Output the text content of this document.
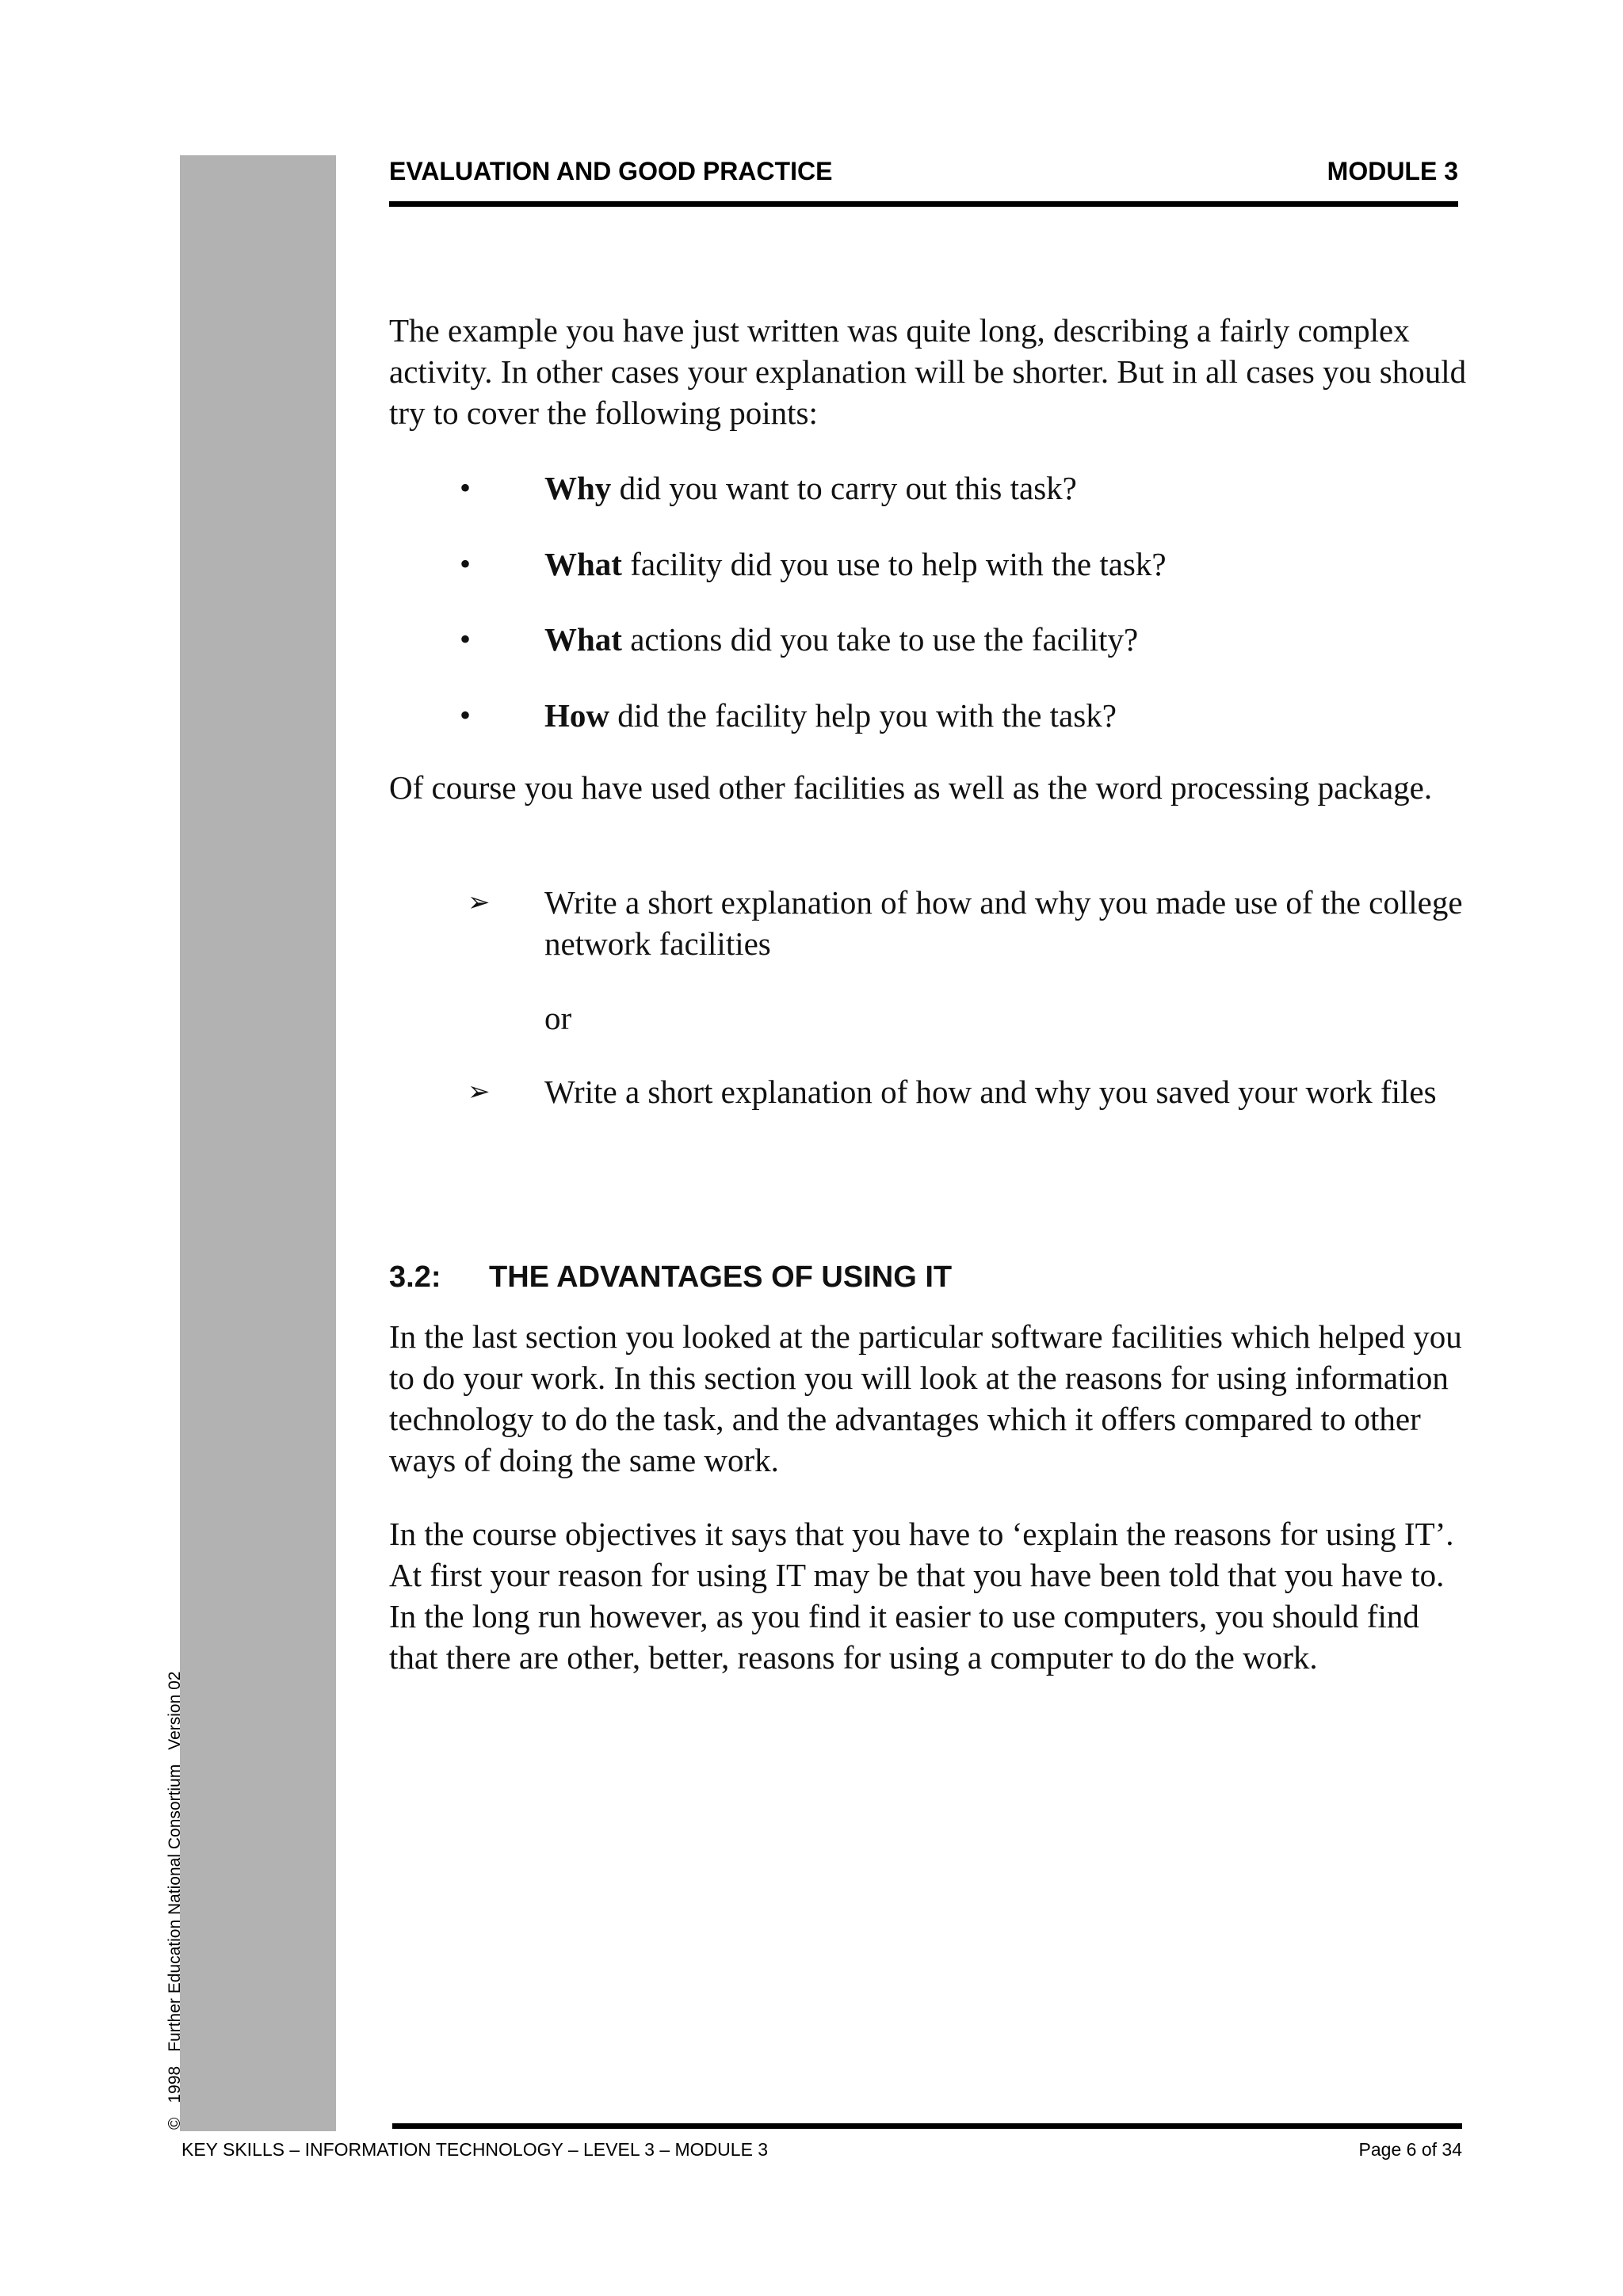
©1998Further Education National ConsortiumVersion 02
EVALUATION AND GOOD PRACTICE	MODULE 3
The example you have just written was quite long, describing a fairly complex activity. In other cases your explanation will be shorter. But in all cases you should try to cover the following points:
•	Why did you want to carry out this task?
•	What facility did you use to help with the task?
•	What actions did you take to use the facility?
•	How did the facility help you with the task?
Of course you have used other facilities as well as the word processing package.
➢ Write a short explanation of how and why you made use of the college network facilities
or
➢ Write a short explanation of how and why you saved your work files
3.2: THE ADVANTAGES OF USING IT
In the last section you looked at the particular software facilities which helped you to do your work. In this section you will look at the reasons for using information technology to do the task, and the advantages which it offers compared to other ways of doing the same work.
In the course objectives it says that you have to ‘explain the reasons for using IT’. At first your reason for using IT may be that you have been told that you have to. In the long run however, as you find it easier to use computers, you should find that there are other, better, reasons for using a computer to do the work.
KEY SKILLS – INFORMATION TECHNOLOGY – LEVEL 3 – MODULE 3	Page 6 of 34
